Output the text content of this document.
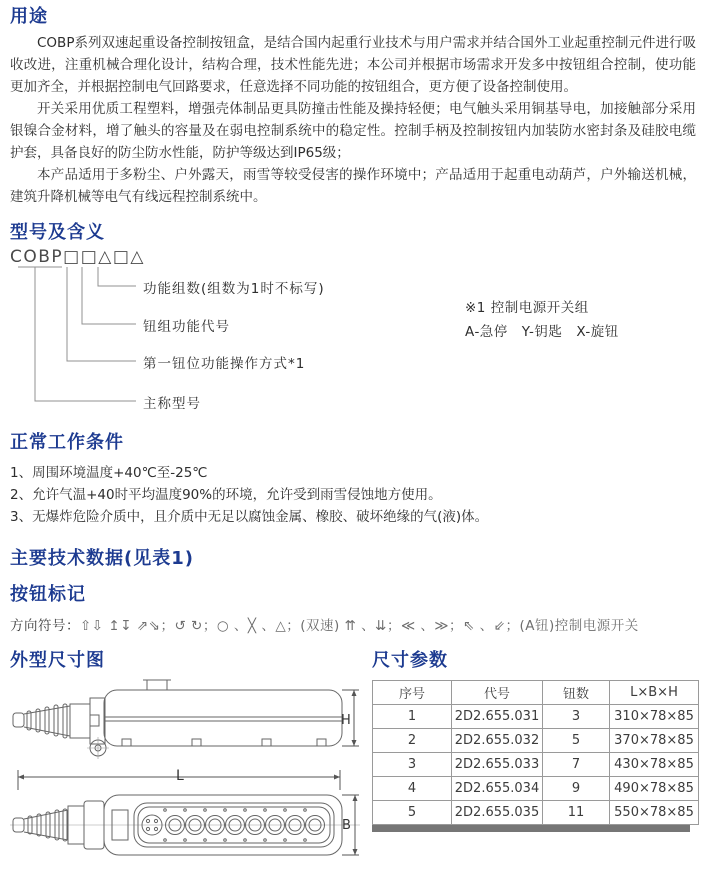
用途

COBP系列双速起重设备控制按钮盒，是结合国内起重行业技术与用户需求并结合国外工业起重控制元件进行吸收改进，注重机械合理化设计，结构合理，技术性能先进；本公司并根据市场需求开发多中按钮组合控制，使功能更加齐全，并根据控制电气回路要求，任意选择不同功能的按钮组合，更方便了设备控制使用。

开关采用优质工程塑料，增强壳体制品更具防撞击性能及操持轻便；电气触头采用铜基导电，加接触部分采用银镍合金材料，增了触头的容量及在弱电控制系统中的稳定性。控制手柄及控制按钮内加装防水密封条及硅胶电缆护套，具备良好的防尘防水性能，防护等级达到IP65级；

本产品适用于多粉尘、户外露天，雨雪等较受侵害的操作环境中；产品适用于起重电动葫芦，户外输送机械，建筑升降机械等电气有线远程控制系统中。

型号及含义
COBP□□△□△
功能组数(组数为1时不标写)
钮组功能代号
第一钮位功能操作方式*1
主称型号
※1 控制电源开关组
A-急停　Y-钥匙　X-旋钮
正常工作条件
1、周围环境温度+40℃至-25℃
2、允许气温+40时平均温度90%的环境，允许受到雨雪侵蚀地方使用。
3、无爆炸危险介质中，且介质中无足以腐蚀金属、橡胶、破坏绝缘的气(液)体。
主要技术数据(见表1)
按钮标记
方向符号：⇧⇩ ↥↧ ⇗⇘；↺ ↻；○ 、╳ 、△；(双速) ⇈ 、⇊；≪ 、≫；⇖ 、⇙；(A钮)控制电源开关
外型尺寸图
H
L
B
尺寸参数
序号	代号	钮数	L×B×H
1	2D2.655.031	3	310×78×85
2	2D2.655.032	5	370×78×85
3	2D2.655.033	7	430×78×85
4	2D2.655.034	9	490×78×85
5	2D2.655.035	11	550×78×85
